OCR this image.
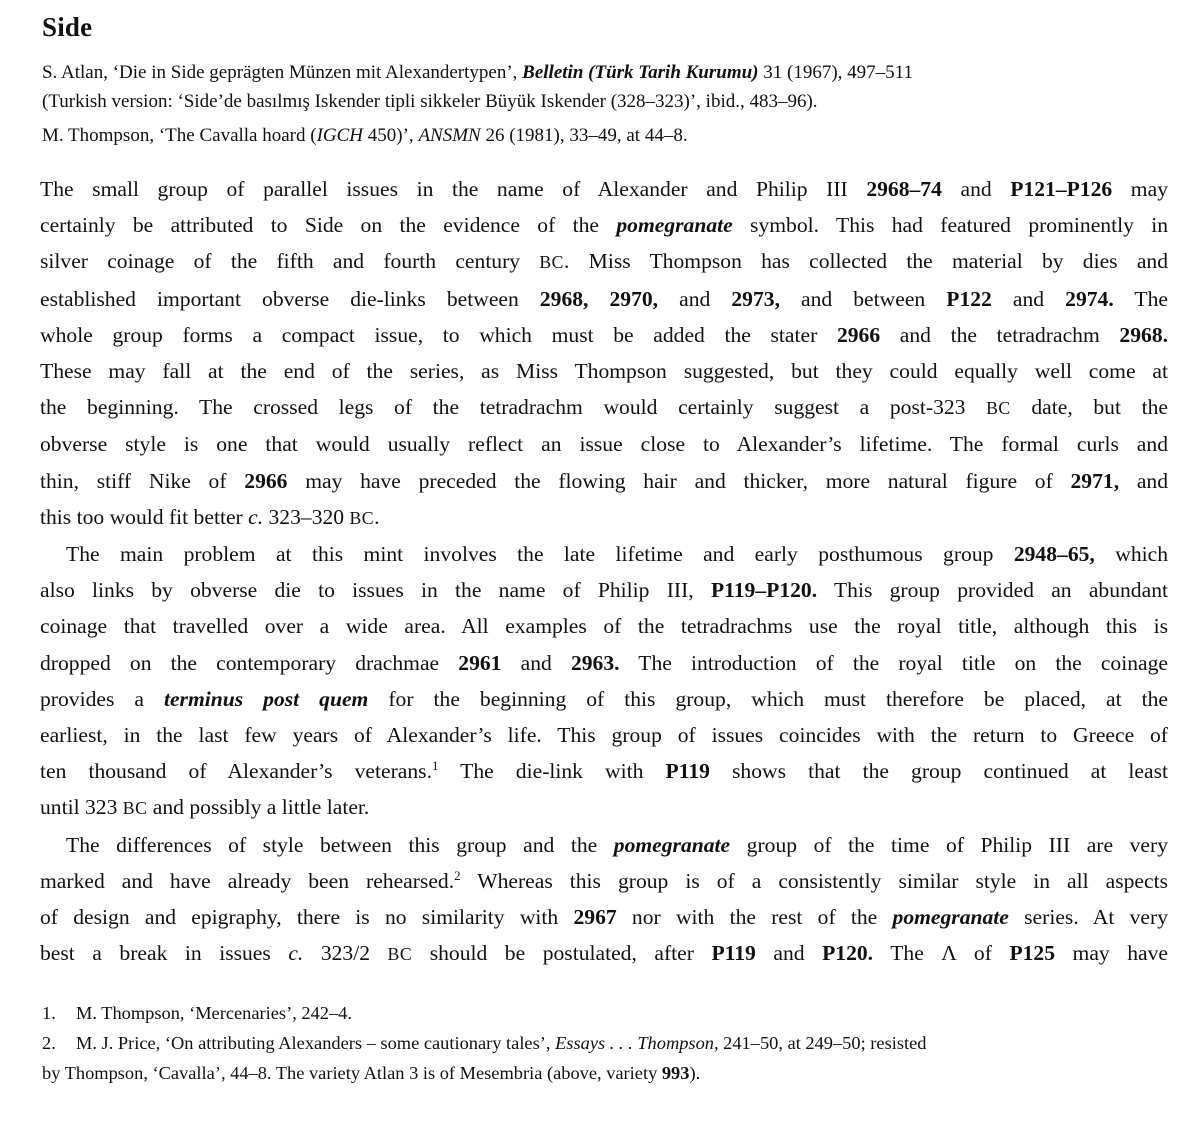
Side
S. Atlan, ‘Die in Side geprägten Münzen mit Alexandertypen’, Belletin (Türk Tarih Kurumu) 31 (1967), 497–511
(Turkish version: ‘Side’de basılmış Iskender tipli sikkeler Büyük Iskender (328–323)’, ibid., 483–96).
M. Thompson, ‘The Cavalla hoard (IGCH 450)’, ANSMN 26 (1981), 33–49, at 44–8.
The small group of parallel issues in the name of Alexander and Philip III 2968–74 and P121–P126 may
certainly be attributed to Side on the evidence of the pomegranate symbol. This had featured prominently in
silver coinage of the fifth and fourth century BC. Miss Thompson has collected the material by dies and
established important obverse die-links between 2968, 2970, and 2973, and between P122 and 2974. The
whole group forms a compact issue, to which must be added the stater 2966 and the tetradrachm 2968.
These may fall at the end of the series, as Miss Thompson suggested, but they could equally well come at
the beginning. The crossed legs of the tetradrachm would certainly suggest a post-323 BC date, but the
obverse style is one that would usually reflect an issue close to Alexander’s lifetime. The formal curls and
thin, stiff Nike of 2966 may have preceded the flowing hair and thicker, more natural figure of 2971, and
this too would fit better c. 323–320 BC.
The main problem at this mint involves the late lifetime and early posthumous group 2948–65, which
also links by obverse die to issues in the name of Philip III, P119–P120. This group provided an abundant
coinage that travelled over a wide area. All examples of the tetradrachms use the royal title, although this is
dropped on the contemporary drachmae 2961 and 2963. The introduction of the royal title on the coinage
provides a terminus post quem for the beginning of this group, which must therefore be placed, at the
earliest, in the last few years of Alexander’s life. This group of issues coincides with the return to Greece of
ten thousand of Alexander’s veterans.$^1$ The die-link with P119 shows that the group continued at least
until 323 BC and possibly a little later.
The differences of style between this group and the pomegranate group of the time of Philip III are very
marked and have already been rehearsed.$^2$ Whereas this group is of a consistently similar style in all aspects
of design and epigraphy, there is no similarity with 2967 nor with the rest of the pomegranate series. At very
best a break in issues c. 323/2 BC should be postulated, after P119 and P120. The Λ of P125 may have
1. M. Thompson, ‘Mercenaries’, 242–4.
2. M. J. Price, ‘On attributing Alexanders – some cautionary tales’, Essays . . . Thompson, 241–50, at 249–50; resisted
by Thompson, ‘Cavalla’, 44–8. The variety Atlan 3 is of Mesembria (above, variety 993).
